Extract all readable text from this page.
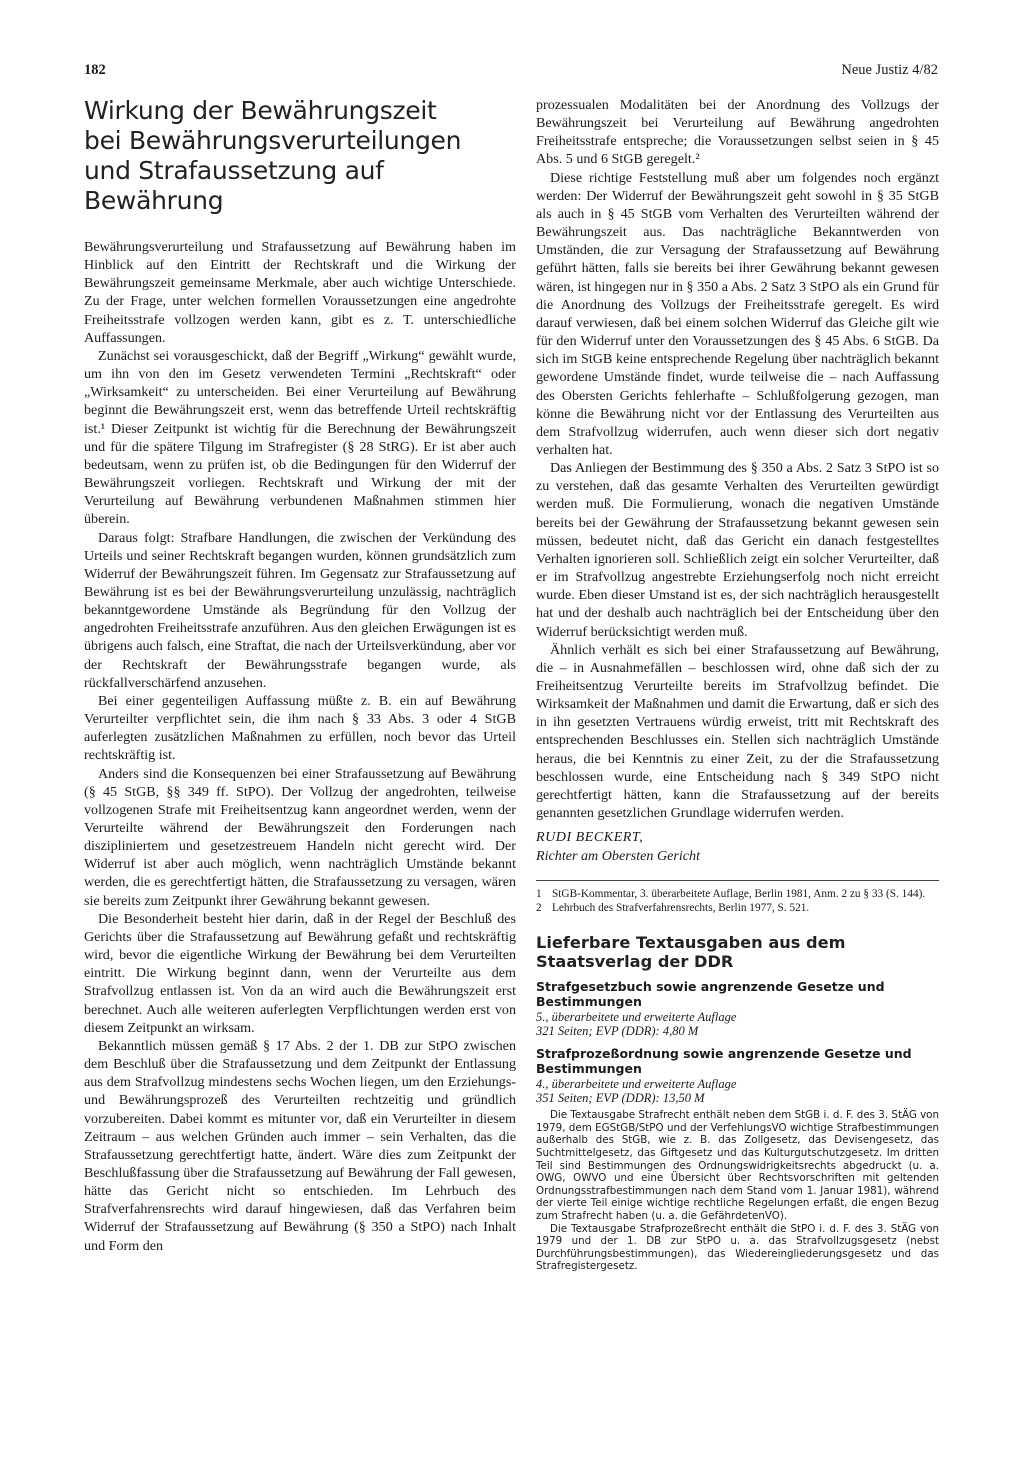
182	Neue Justiz 4/82
Wirkung der Bewährungszeit
bei Bewährungsverurteilungen
und Strafaussetzung auf Bewährung

Bewährungsverurteilung und Strafaussetzung auf Bewährung haben im Hinblick auf den Eintritt der Rechtskraft und die Wirkung der Bewährungszeit gemeinsame Merkmale, aber auch wichtige Unterschiede. Zu der Frage, unter welchen formellen Voraussetzungen eine angedrohte Freiheitsstrafe vollzogen werden kann, gibt es z. T. unterschiedliche Auffassungen.

Zunächst sei vorausgeschickt, daß der Begriff „Wirkung“ gewählt wurde, um ihn von den im Gesetz verwendeten Termini „Rechtskraft“ oder „Wirksamkeit“ zu unterscheiden. Bei einer Verurteilung auf Bewährung beginnt die Bewährungszeit erst, wenn das betreffende Urteil rechtskräftig ist.¹ Dieser Zeitpunkt ist wichtig für die Berechnung der Bewährungszeit und für die spätere Tilgung im Strafregister (§ 28 StRG). Er ist aber auch bedeutsam, wenn zu prüfen ist, ob die Bedingungen für den Widerruf der Bewährungszeit vorliegen. Rechtskraft und Wirkung der mit der Verurteilung auf Bewährung verbundenen Maßnahmen stimmen hier überein.

Daraus folgt: Strafbare Handlungen, die zwischen der Verkündung des Urteils und seiner Rechtskraft begangen wurden, können grundsätzlich zum Widerruf der Bewährungszeit führen. Im Gegensatz zur Strafaussetzung auf Bewährung ist es bei der Bewährungsverurteilung unzulässig, nachträglich bekanntgewordene Umstände als Begründung für den Vollzug der angedrohten Freiheitsstrafe anzuführen. Aus den gleichen Erwägungen ist es übrigens auch falsch, eine Straftat, die nach der Urteilsverkündung, aber vor der Rechtskraft der Bewährungsstrafe begangen wurde, als rückfallverschärfend anzusehen.

Bei einer gegenteiligen Auffassung müßte z. B. ein auf Bewährung Verurteilter verpflichtet sein, die ihm nach § 33 Abs. 3 oder 4 StGB auferlegten zusätzlichen Maßnahmen zu erfüllen, noch bevor das Urteil rechtskräftig ist.

Anders sind die Konsequenzen bei einer Strafaussetzung auf Bewährung (§ 45 StGB, §§ 349 ff. StPO). Der Vollzug der angedrohten, teilweise vollzogenen Strafe mit Freiheitsentzug kann angeordnet werden, wenn der Verurteilte während der Bewährungszeit den Forderungen nach diszipliniertem und gesetzestreuem Handeln nicht gerecht wird. Der Widerruf ist aber auch möglich, wenn nachträglich Umstände bekannt werden, die es gerechtfertigt hätten, die Strafaussetzung zu versagen, wären sie bereits zum Zeitpunkt ihrer Gewährung bekannt gewesen.

Die Besonderheit besteht hier darin, daß in der Regel der Beschluß des Gerichts über die Strafaussetzung auf Bewährung gefaßt und rechtskräftig wird, bevor die eigentliche Wirkung der Bewährung bei dem Verurteilten eintritt. Die Wirkung beginnt dann, wenn der Verurteilte aus dem Strafvollzug entlassen ist. Von da an wird auch die Bewährungszeit erst berechnet. Auch alle weiteren auferlegten Verpflichtungen werden erst von diesem Zeitpunkt an wirksam.

Bekanntlich müssen gemäß § 17 Abs. 2 der 1. DB zur StPO zwischen dem Beschluß über die Strafaussetzung und dem Zeitpunkt der Entlassung aus dem Strafvollzug mindestens sechs Wochen liegen, um den Erziehungs- und Bewährungsprozeß des Verurteilten rechtzeitig und gründlich vorzubereiten. Dabei kommt es mitunter vor, daß ein Verurteilter in diesem Zeitraum – aus welchen Gründen auch immer – sein Verhalten, das die Strafaussetzung gerechtfertigt hatte, ändert. Wäre dies zum Zeitpunkt der Beschlußfassung über die Strafaussetzung auf Bewährung der Fall gewesen, hätte das Gericht nicht so entschieden. Im Lehrbuch des Strafverfahrensrechts wird darauf hingewiesen, daß das Verfahren beim Widerruf der Strafaussetzung auf Bewährung (§ 350 a StPO) nach Inhalt und Form den

prozessualen Modalitäten bei der Anordnung des Vollzugs der Bewährungszeit bei Verurteilung auf Bewährung angedrohten Freiheitsstrafe entspreche; die Voraussetzungen selbst seien in § 45 Abs. 5 und 6 StGB geregelt.²

Diese richtige Feststellung muß aber um folgendes noch ergänzt werden: Der Widerruf der Bewährungszeit geht sowohl in § 35 StGB als auch in § 45 StGB vom Verhalten des Verurteilten während der Bewährungszeit aus. Das nachträgliche Bekanntwerden von Umständen, die zur Versagung der Strafaussetzung auf Bewährung geführt hätten, falls sie bereits bei ihrer Gewährung bekannt gewesen wären, ist hingegen nur in § 350 a Abs. 2 Satz 3 StPO als ein Grund für die Anordnung des Vollzugs der Freiheitsstrafe geregelt. Es wird darauf verwiesen, daß bei einem solchen Widerruf das Gleiche gilt wie für den Widerruf unter den Voraussetzungen des § 45 Abs. 6 StGB. Da sich im StGB keine entsprechende Regelung über nachträglich bekannt gewordene Umstände findet, wurde teilweise die – nach Auffassung des Obersten Gerichts fehlerhafte – Schlußfolgerung gezogen, man könne die Bewährung nicht vor der Entlassung des Verurteilten aus dem Strafvollzug widerrufen, auch wenn dieser sich dort negativ verhalten hat.

Das Anliegen der Bestimmung des § 350 a Abs. 2 Satz 3 StPO ist so zu verstehen, daß das gesamte Verhalten des Verurteilten gewürdigt werden muß. Die Formulierung, wonach die negativen Umstände bereits bei der Gewährung der Strafaussetzung bekannt gewesen sein müssen, bedeutet nicht, daß das Gericht ein danach festgestelltes Verhalten ignorieren soll. Schließlich zeigt ein solcher Verurteilter, daß er im Strafvollzug angestrebte Erziehungserfolg noch nicht erreicht wurde. Eben dieser Umstand ist es, der sich nachträglich herausgestellt hat und der deshalb auch nachträglich bei der Entscheidung über den Widerruf berücksichtigt werden muß.

Ähnlich verhält es sich bei einer Strafaussetzung auf Bewährung, die – in Ausnahmefällen – beschlossen wird, ohne daß sich der zu Freiheitsentzug Verurteilte bereits im Strafvollzug befindet. Die Wirksamkeit der Maßnahmen und damit die Erwartung, daß er sich des in ihn gesetzten Vertrauens würdig erweist, tritt mit Rechtskraft des entsprechenden Beschlusses ein. Stellen sich nachträglich Umstände heraus, die bei Kenntnis zu einer Zeit, zu der die Strafaussetzung beschlossen wurde, eine Entscheidung nach § 349 StPO nicht gerechtfertigt hätten, kann die Strafaussetzung auf der bereits genannten gesetzlichen Grundlage widerrufen werden.

RUDI BECKERT,
Richter am Obersten Gericht
1 StGB-Kommentar, 3. überarbeitete Auflage, Berlin 1981, Anm. 2 zu § 33 (S. 144).
2 Lehrbuch des Strafverfahrensrechts, Berlin 1977, S. 521.
Lieferbare Textausgaben aus dem Staatsverlag der DDR
Strafgesetzbuch sowie angrenzende Gesetze und Bestimmungen
5., überarbeitete und erweiterte Auflage
321 Seiten; EVP (DDR): 4,80 M
Strafprozeßordnung sowie angrenzende Gesetze und Bestimmungen
4., überarbeitete und erweiterte Auflage
351 Seiten; EVP (DDR): 13,50 M

Die Textausgabe Strafrecht enthält neben dem StGB i. d. F. des 3. StÄG von 1979, dem EGStGB/StPO und der VerfehlungsVO wichtige Strafbestimmungen außerhalb des StGB, wie z. B. das Zollgesetz, das Devisengesetz, das Suchtmittelgesetz, das Giftgesetz und das Kulturgutschutzgesetz. Im dritten Teil sind Bestimmungen des Ordnungswidrigkeitsrechts abgedruckt (u. a. OWG, OWVO und eine Übersicht über Rechtsvorschriften mit geltenden Ordnungsstrafbestimmungen nach dem Stand vom 1. Januar 1981), während der vierte Teil einige wichtige rechtliche Regelungen erfaßt, die engen Bezug zum Strafrecht haben (u. a. die GefährdetenVO).

Die Textausgabe Strafprozeßrecht enthält die StPO i. d. F. des 3. StÄG von 1979 und der 1. DB zur StPO u. a. das Strafvollzugsgesetz (nebst Durchführungsbestimmungen), das Wiedereingliederungsgesetz und das Strafregistergesetz.
